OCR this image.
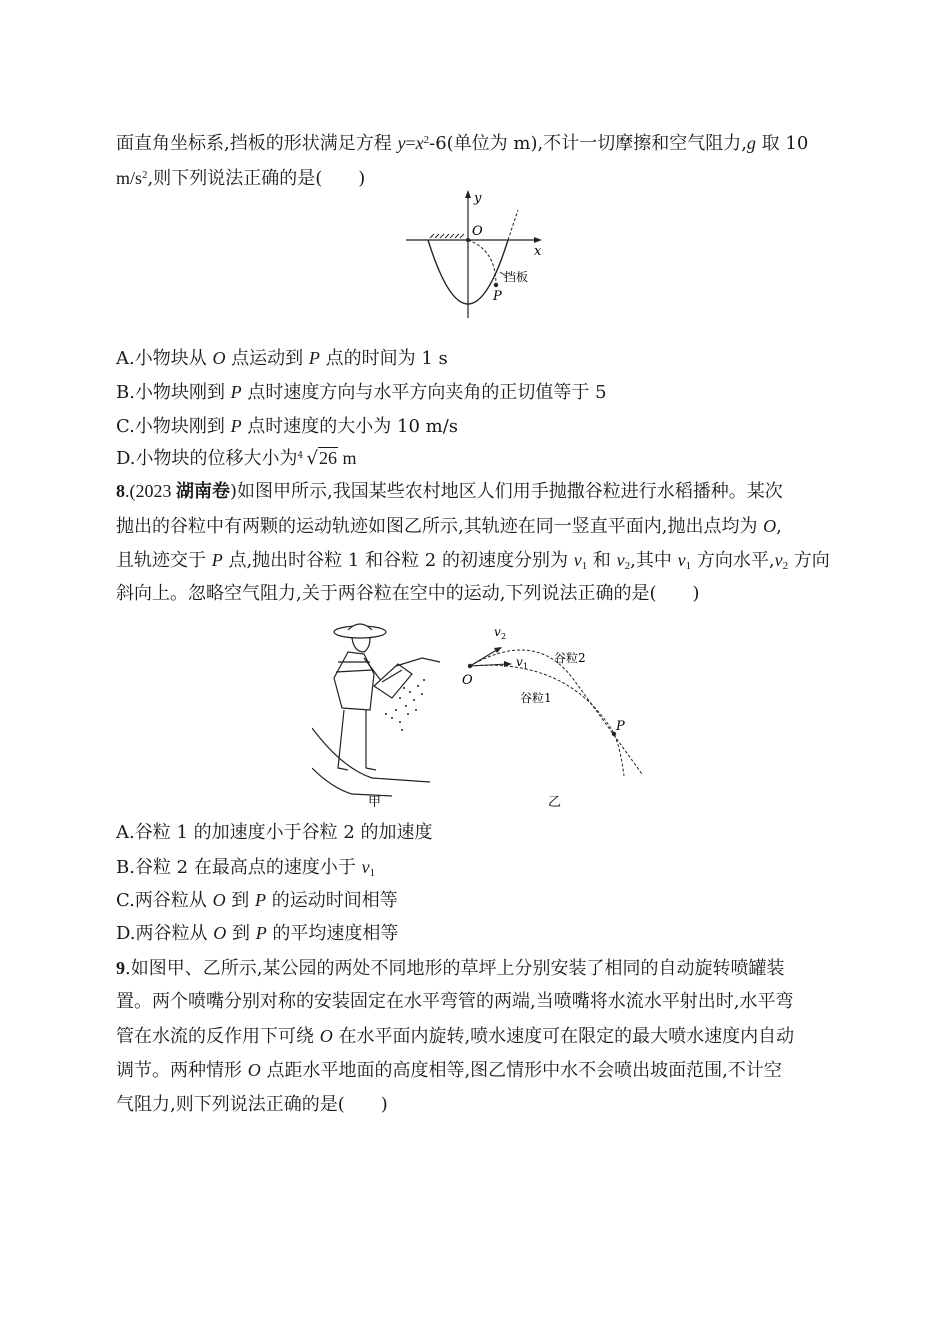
面直角坐标系,挡板的形状满足方程 $y=x^2-6$(单位为 m),不计一切摩擦和空气阻力,g 取 10
$m/s^2$,则下列说法正确的是(　　)
y
x
O
P
挡板
A.小物块从 O 点运动到 P 点的时间为 1 s
B.小物块刚到 P 点时速度方向与水平方向夹角的正切值等于 5
C.小物块刚到 P 点时速度的大小为 10 m/s
D.小物块的位移大小为 4 √26 m
8.(2023 湖南卷)如图甲所示,我国某些农村地区人们用手抛撒谷粒进行水稻播种。某次
抛出的谷粒中有两颗的运动轨迹如图乙所示,其轨迹在同一竖直平面内,抛出点均为 O,
且轨迹交于 P 点,抛出时谷粒 1 和谷粒 2 的初速度分别为 $v_1$ 和 $v_2$,其中 $v_1$ 方向水平$,v_2$ 方向
斜向上。忽略空气阻力,关于两谷粒在空中的运动,下列说法正确的是(　　)
甲
v 2
v 1
O
P
谷粒2
谷粒1
乙
A.谷粒 1 的加速度小于谷粒 2 的加速度
B.谷粒 2 在最高点的速度小于 $v_1$
C.两谷粒从 O 到 P 的运动时间相等
D.两谷粒从 O 到 P 的平均速度相等
9.如图甲、乙所示,某公园的两处不同地形的草坪上分别安装了相同的自动旋转喷罐装
置。两个喷嘴分别对称的安装固定在水平弯管的两端,当喷嘴将水流水平射出时,水平弯
管在水流的反作用下可绕 O 在水平面内旋转,喷水速度可在限定的最大喷水速度内自动
调节。两种情形 O 点距水平地面的高度相等,图乙情形中水不会喷出坡面范围,不计空
气阻力,则下列说法正确的是(　　)
